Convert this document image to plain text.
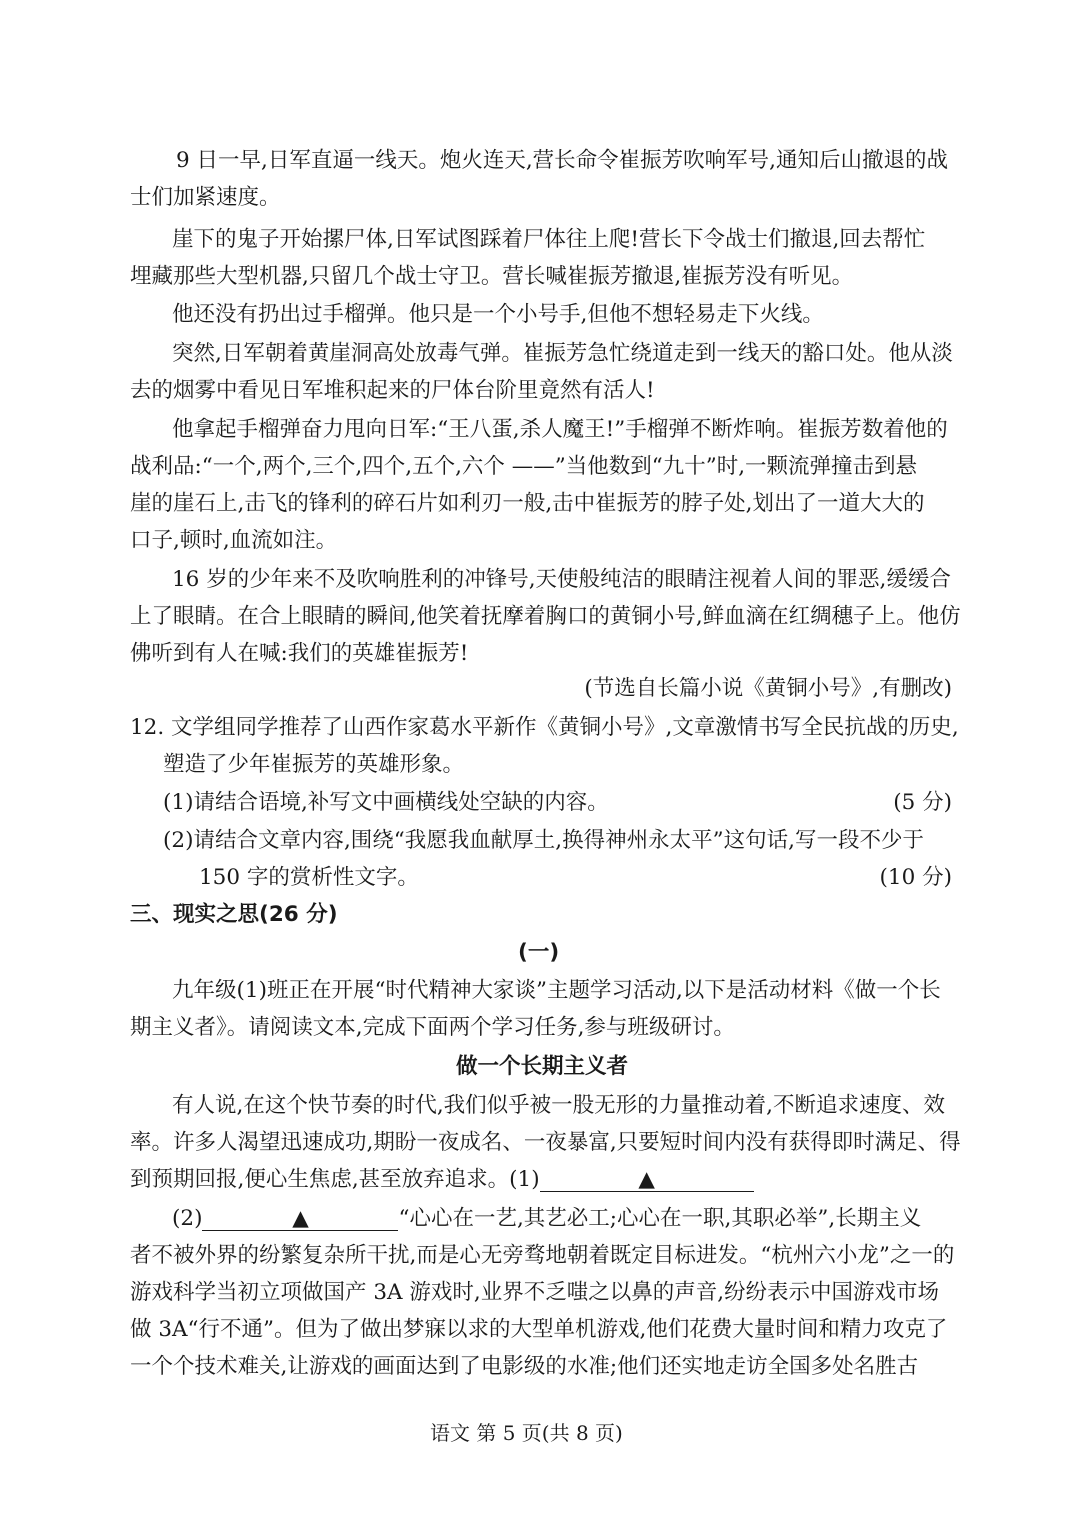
9 日一早,日军直逼一线天。炮火连天,营长命令崔振芳吹响军号,通知后山撤退的战
士们加紧速度。
崖下的鬼子开始摞尸体,日军试图踩着尸体往上爬!营长下令战士们撤退,回去帮忙
埋藏那些大型机器,只留几个战士守卫。营长喊崔振芳撤退,崔振芳没有听见。
他还没有扔出过手榴弹。他只是一个小号手,但他不想轻易走下火线。
突然,日军朝着黄崖洞高处放毒气弹。崔振芳急忙绕道走到一线天的豁口处。他从淡
去的烟雾中看见日军堆积起来的尸体台阶里竟然有活人!
他拿起手榴弹奋力甩向日军:“王八蛋,杀人魔王!”手榴弹不断炸响。崔振芳数着他的
战利品:“一个,两个,三个,四个,五个,六个 ——”当他数到“九十”时,一颗流弹撞击到悬
崖的崖石上,击飞的锋利的碎石片如利刃一般,击中崔振芳的脖子处,划出了一道大大的
口子,顿时,血流如注。
16 岁的少年来不及吹响胜利的冲锋号,天使般纯洁的眼睛注视着人间的罪恶,缓缓合
上了眼睛。在合上眼睛的瞬间,他笑着抚摩着胸口的黄铜小号,鲜血滴在红绸穗子上。他仿
佛听到有人在喊:我们的英雄崔振芳!
(节选自长篇小说《黄铜小号》,有删改)
12. 文学组同学推荐了山西作家葛水平新作《黄铜小号》,文章激情书写全民抗战的历史,
塑造了少年崔振芳的英雄形象。
(1)请结合语境,补写文中画横线处空缺的内容。	(5 分)
(2)请结合文章内容,围绕“我愿我血献厚土,换得神州永太平”这句话,写一段不少于
150 字的赏析性文字。	(10 分)
三、现实之思(26 分)
(一)
九年级(1)班正在开展“时代精神大家谈”主题学习活动,以下是活动材料《做一个长
期主义者》。请阅读文本,完成下面两个学习任务,参与班级研讨。
做一个长期主义者
有人说,在这个快节奏的时代,我们似乎被一股无形的力量推动着,不断追求速度、效
率。许多人渴望迅速成功,期盼一夜成名、一夜暴富,只要短时间内没有获得即时满足、得
到预期回报,便心生焦虑,甚至放弃追求。(1)	▲
(2)	▲	“心心在一艺,其艺必工;心心在一职,其职必举”,长期主义
者不被外界的纷繁复杂所干扰,而是心无旁骛地朝着既定目标进发。“杭州六小龙”之一的
游戏科学当初立项做国产 3A 游戏时,业界不乏嗤之以鼻的声音,纷纷表示中国游戏市场
做 3A“行不通”。但为了做出梦寐以求的大型单机游戏,他们花费大量时间和精力攻克了
一个个技术难关,让游戏的画面达到了电影级的水准;他们还实地走访全国多处名胜古
语文 第 5 页(共 8 页)
